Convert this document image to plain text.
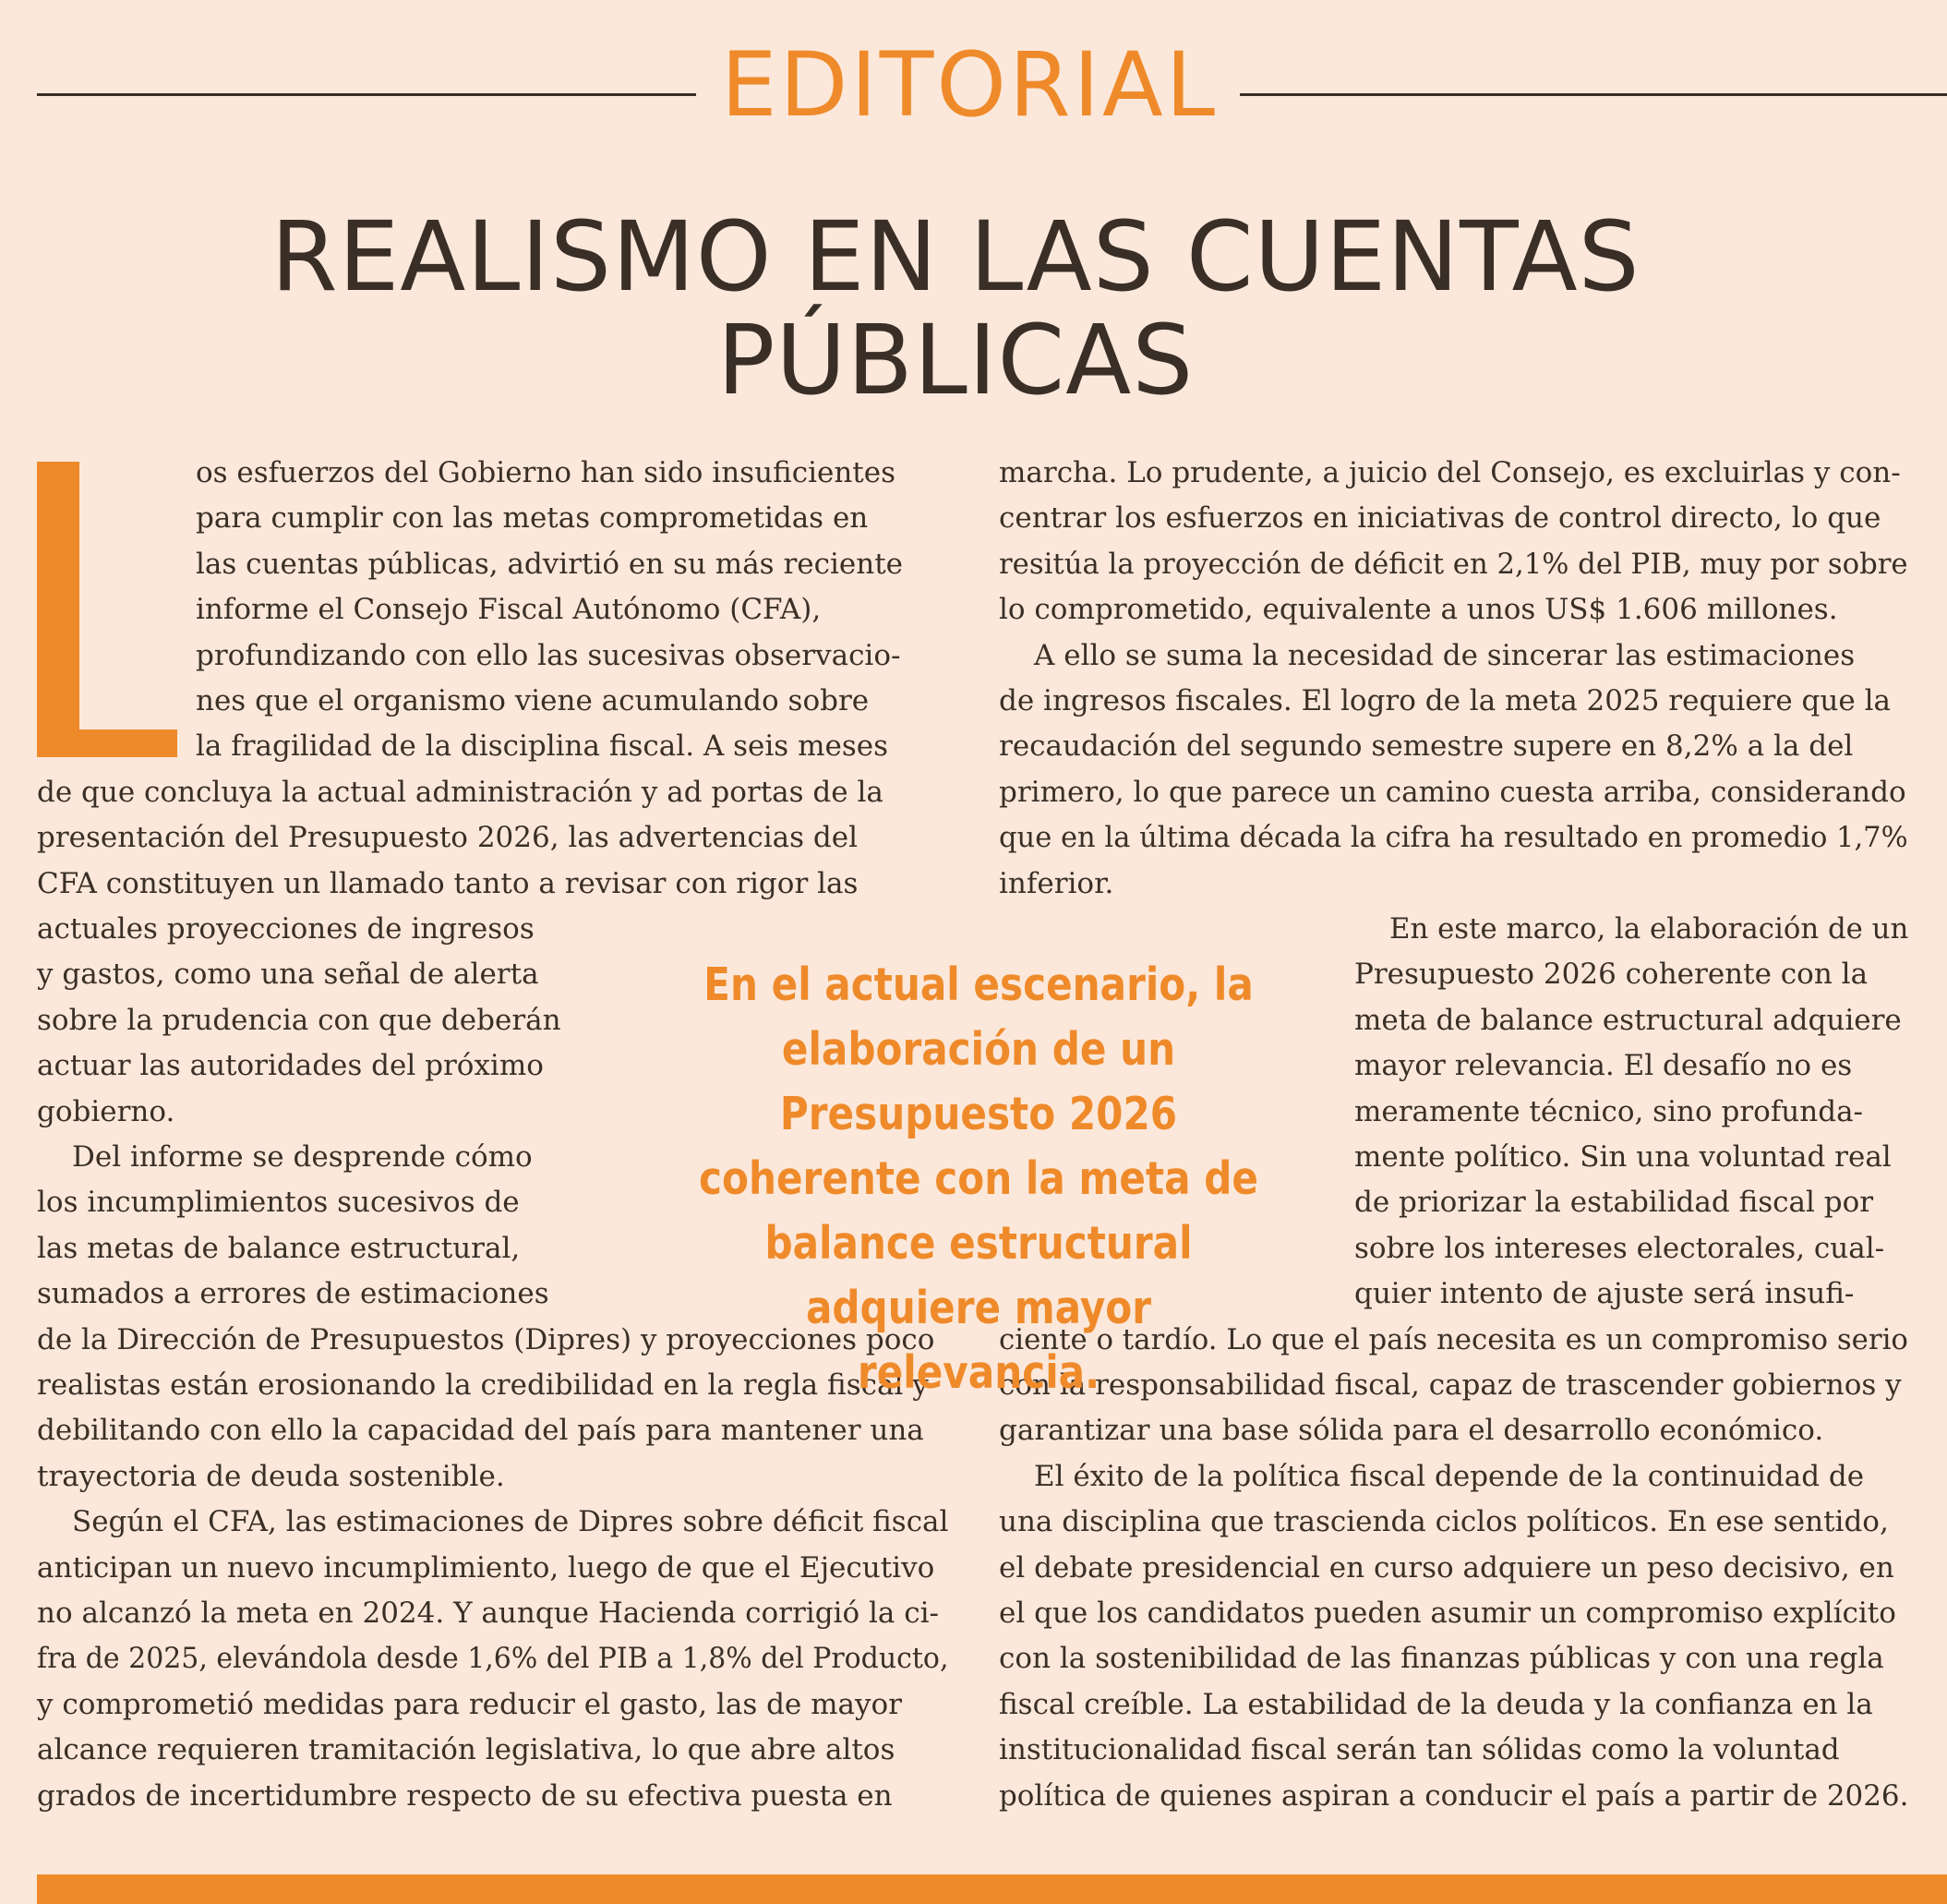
EDITORIAL
REALISMO EN LAS CUENTAS
PÚBLICAS
os esfuerzos del Gobierno han sido insuficientes
para cumplir con las metas comprometidas en
las cuentas públicas, advirtió en su más reciente
informe el Consejo Fiscal Autónomo (CFA),
profundizando con ello las sucesivas observacio-
nes que el organismo viene acumulando sobre
la fragilidad de la disciplina fiscal. A seis meses
de que concluya la actual administración y ad portas de la
presentación del Presupuesto 2026, las advertencias del
CFA constituyen un llamado tanto a revisar con rigor las
actuales proyecciones de ingresos
y gastos, como una señal de alerta
sobre la prudencia con que deberán
actuar las autoridades del próximo
gobierno.
Del informe se desprende cómo
los incumplimientos sucesivos de
las metas de balance estructural,
sumados a errores de estimaciones
de la Dirección de Presupuestos (Dipres) y proyecciones poco
realistas están erosionando la credibilidad en la regla fiscal y
debilitando con ello la capacidad del país para mantener una
trayectoria de deuda sostenible.
Según el CFA, las estimaciones de Dipres sobre déficit fiscal
anticipan un nuevo incumplimiento, luego de que el Ejecutivo
no alcanzó la meta en 2024. Y aunque Hacienda corrigió la ci-
fra de 2025, elevándola desde 1,6% del PIB a 1,8% del Producto,
y comprometió medidas para reducir el gasto, las de mayor
alcance requieren tramitación legislativa, lo que abre altos
grados de incertidumbre respecto de su efectiva puesta en
marcha. Lo prudente, a juicio del Consejo, es excluirlas y con-
centrar los esfuerzos en iniciativas de control directo, lo que
resitúa la proyección de déficit en 2,1% del PIB, muy por sobre
lo comprometido, equivalente a unos US$ 1.606 millones.
A ello se suma la necesidad de sincerar las estimaciones
de ingresos fiscales. El logro de la meta 2025 requiere que la
recaudación del segundo semestre supere en 8,2% a la del
primero, lo que parece un camino cuesta arriba, considerando
que en la última década la cifra ha resultado en promedio 1,7%
inferior.
En este marco, la elaboración de un
Presupuesto 2026 coherente con la
meta de balance estructural adquiere
mayor relevancia. El desafío no es
meramente técnico, sino profunda-
mente político. Sin una voluntad real
de priorizar la estabilidad fiscal por
sobre los intereses electorales, cual-
quier intento de ajuste será insufi-
ciente o tardío. Lo que el país necesita es un compromiso serio
con la responsabilidad fiscal, capaz de trascender gobiernos y
garantizar una base sólida para el desarrollo económico.
El éxito de la política fiscal depende de la continuidad de
una disciplina que trascienda ciclos políticos. En ese sentido,
el debate presidencial en curso adquiere un peso decisivo, en
el que los candidatos pueden asumir un compromiso explícito
con la sostenibilidad de las finanzas públicas y con una regla
fiscal creíble. La estabilidad de la deuda y la confianza en la
institucionalidad fiscal serán tan sólidas como la voluntad
política de quienes aspiran a conducir el país a partir de 2026.

En el actual escenario, la elaboración de un Presupuesto 2026 coherente con la meta de balance estructural adquiere mayor relevancia.
